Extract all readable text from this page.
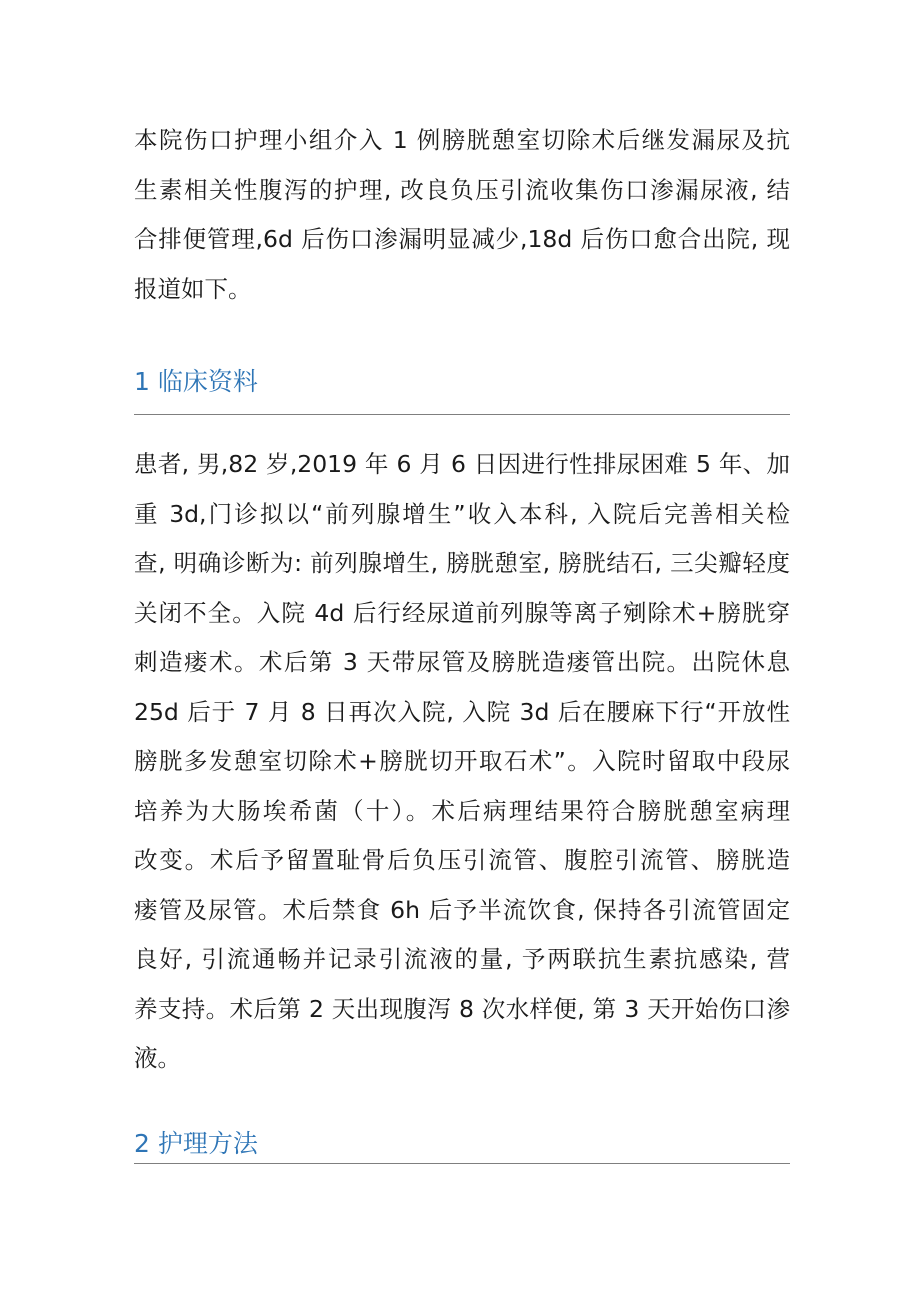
本院伤口护理小组介入 1 例膀胱憩室切除术后继发漏尿及抗
生素相关性腹泻的护理, 改良负压引流收集伤口渗漏尿液, 结
合排便管理,6d 后伤口渗漏明显减少,18d 后伤口愈合出院, 现
报道如下。
1 临床资料
患者, 男,82 岁,2019 年 6 月 6 日因进行性排尿困难 5 年、加
重 3d,门诊拟以“前列腺增生”收入本科, 入院后完善相关检
查, 明确诊断为: 前列腺增生, 膀胱憩室, 膀胱结石, 三尖瓣轻度
关闭不全。入院 4d 后行经尿道前列腺等离子剜除术+膀胱穿
刺造瘘术。术后第 3 天带尿管及膀胱造瘘管出院。出院休息
25d 后于 7 月 8 日再次入院, 入院 3d 后在腰麻下行“开放性
膀胱多发憩室切除术+膀胱切开取石术”。入院时留取中段尿
培养为大肠埃希菌（十）。术后病理结果符合膀胱憩室病理
改变。术后予留置耻骨后负压引流管、腹腔引流管、膀胱造
瘘管及尿管。术后禁食 6h 后予半流饮食, 保持各引流管固定
良好, 引流通畅并记录引流液的量, 予两联抗生素抗感染, 营
养支持。术后第 2 天出现腹泻 8 次水样便, 第 3 天开始伤口渗
液。
2 护理方法
